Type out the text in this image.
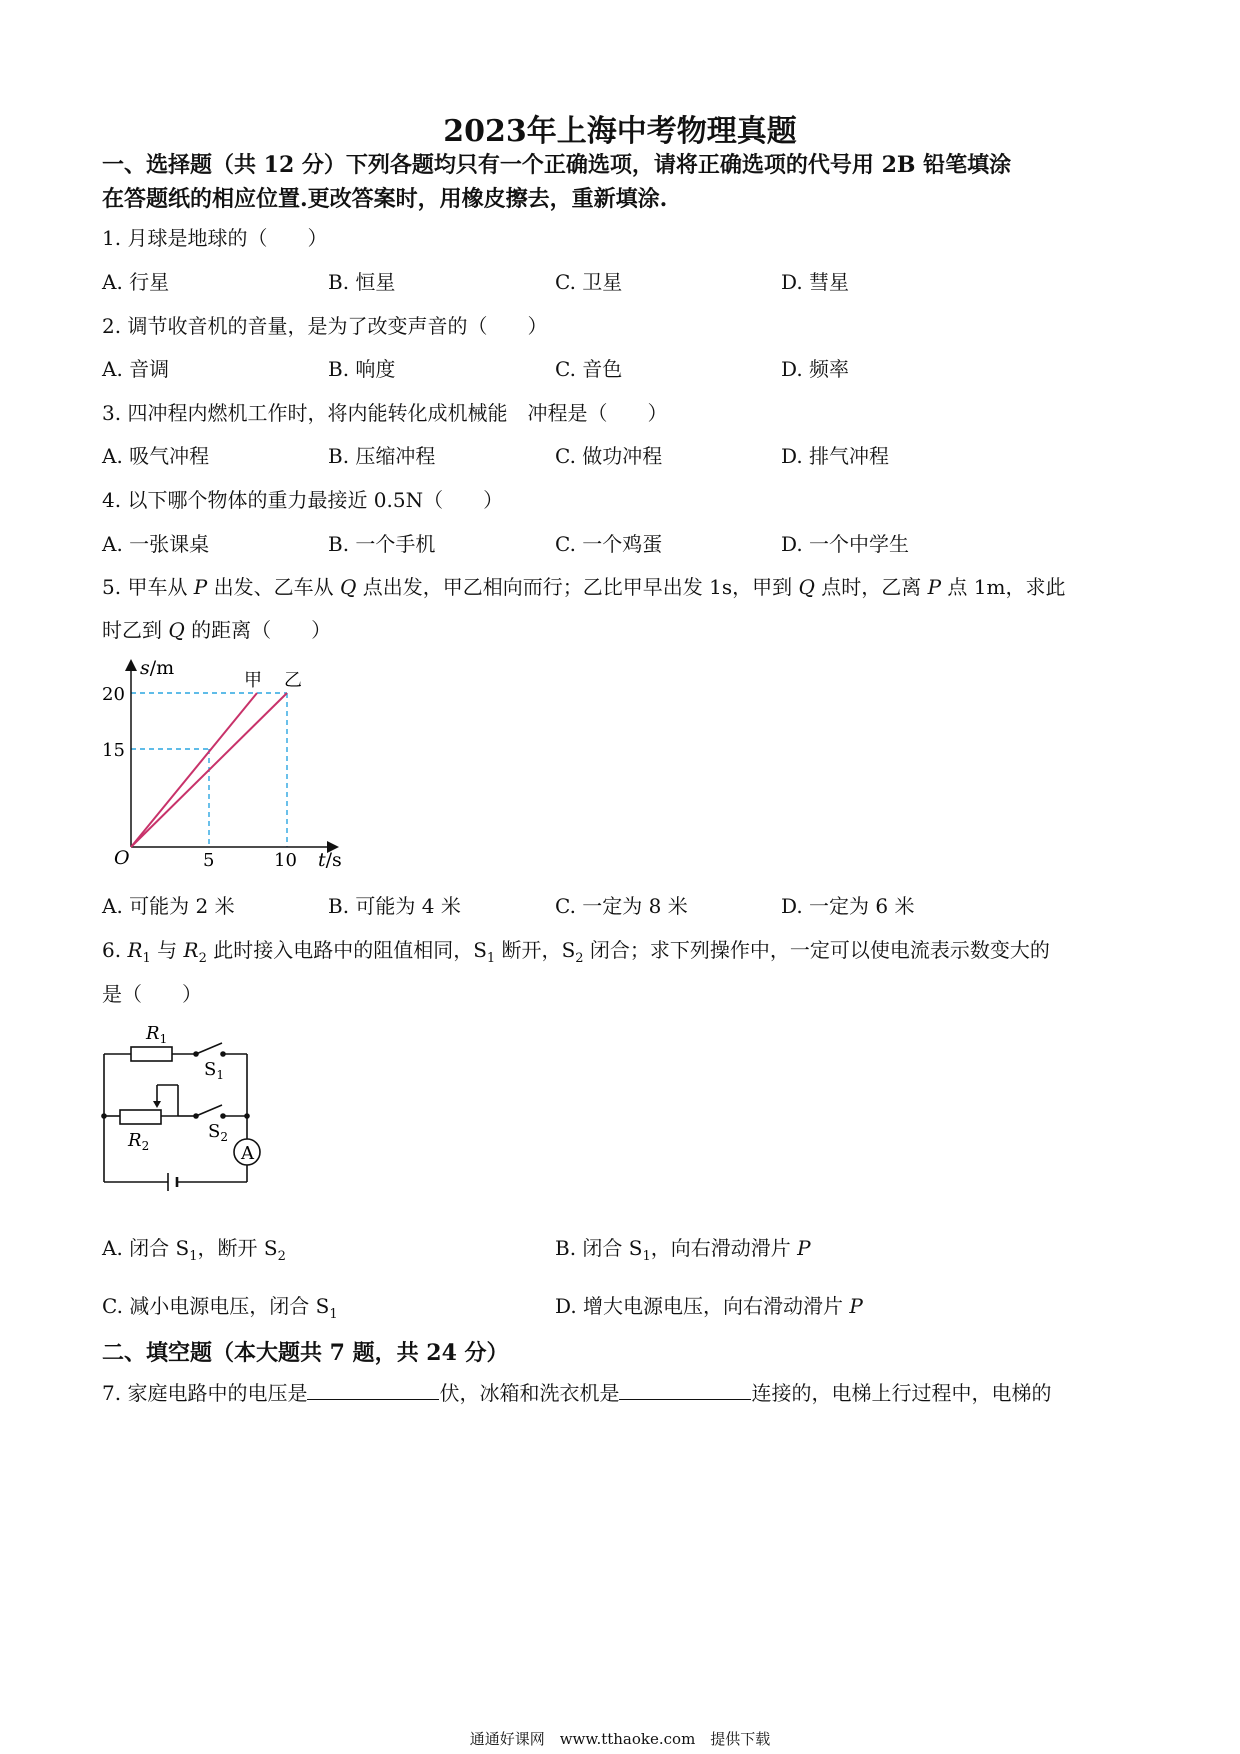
2023年上海中考物理真题
一、选择题（共 12 分）下列各题均只有一个正确选项，请将正确选项的代号用 2B 铅笔填涂
在答题纸的相应位置.更改答案时，用橡皮擦去，重新填涂.
1. 月球是地球的（　　）
A. 行星	B. 恒星	C. 卫星	D. 彗星
2. 调节收音机的音量，是为了改变声音的（　　）
A. 音调	B. 响度	C. 音色	D. 频率
3. 四冲程内燃机工作时，将内能转化成机械能　冲程是（　　）
A. 吸气冲程	B. 压缩冲程	C. 做功冲程	D. 排气冲程
4. 以下哪个物体的重力最接近 0.5N（　　）
A. 一张课桌	B. 一个手机	C. 一个鸡蛋	D. 一个中学生
5. 甲车从 P 出发、乙车从 Q 点出发，甲乙相向而行；乙比甲早出发 1s，甲到 Q 点时，乙离 P 点 1m，求此
时乙到 Q 的距离（　　）
s/m
20
15
O	5	10 t/s
甲 乙
A. 可能为 2 米	B. 可能为 4 米	C. 一定为 8 米	D. 一定为 6 米
6. $R_1$ 与 $R_2$ 此时接入电路中的阻值相同，$S_1$ 断开，$S_2$ 闭合；求下列操作中，一定可以使电流表示数变大的
是（　　）
A
$R_1$
$R_2$
$S_1$
$S_2$
A. 闭合 $S_1$，断开 $S_2$	B. 闭合 $S_1$，向右滑动滑片 P
C. 减小电源电压，闭合 $S_1$	D. 增大电源电压，向右滑动滑片 P
二、填空题（本大题共 7 题，共 24 分）
7. 家庭电路中的电压是	伏，冰箱和洗衣机是	连接的，电梯上行过程中，电梯的
通通好课网　www.tthaoke.com　提供下载
